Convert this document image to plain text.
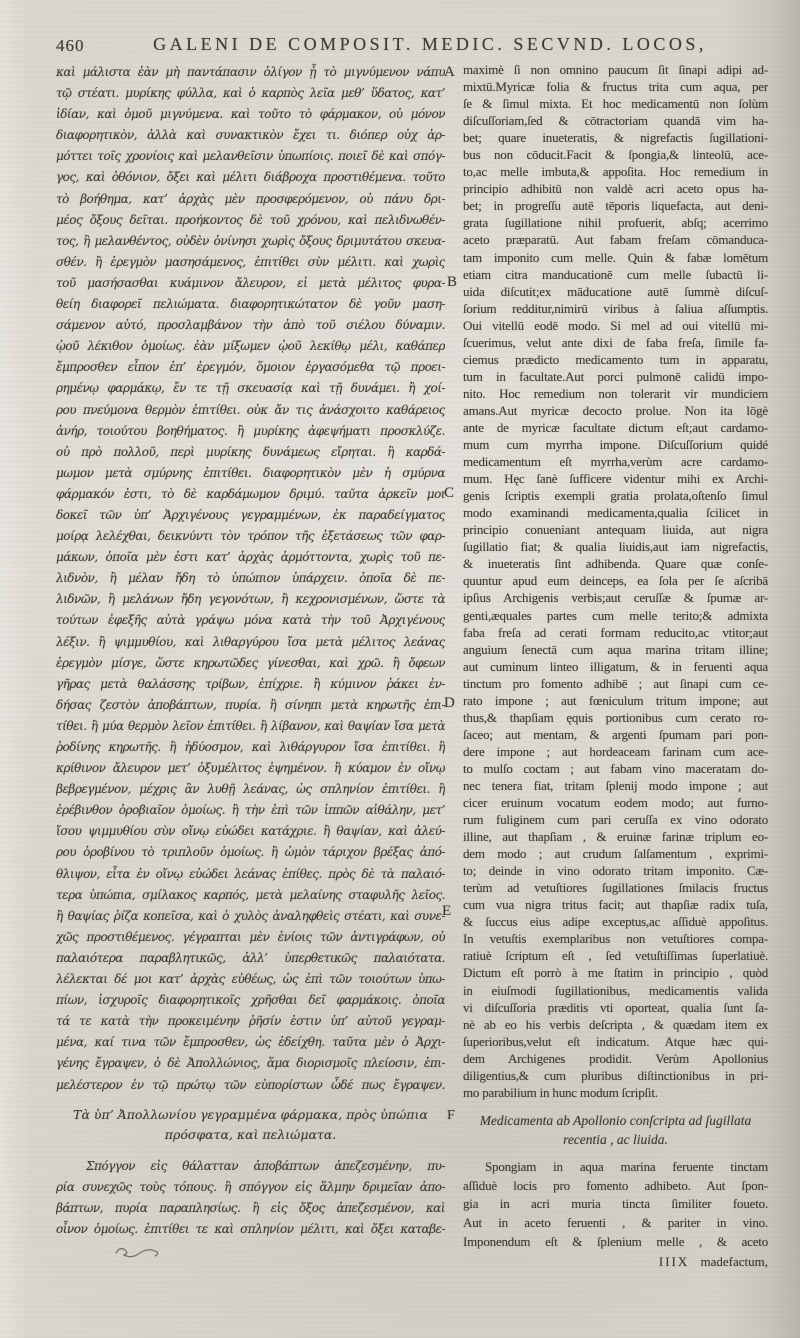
460	GALENI DE COMPOSIT. MEDIC. SECVND. LOCOS,
A
B
C
D
E
F
καὶ μάλιστα ἐὰν μὴ παντάπασιν ὀλίγον ᾖ τὸ μιγνύμενον νάπυ
τῷ στέατι. μυρίκης φύλλα, καὶ ὁ καρπὸς λεῖα μεθ’ ὕδατος, κατ’
ἰδίαν, καὶ ὁμοῦ μιγνύμενα. καὶ τοῦτο τὸ φάρμακον, οὐ μόνον
διαφορητικὸν, ἀλλὰ καὶ συνακτικὸν ἔχει τι. διόπερ οὐχ ἁρ-
μόττει τοῖς χρονίοις καὶ μελανθεῖσιν ὑπωπίοις. ποιεῖ δὲ καὶ σπόγ-
γος, καὶ ὀθόνιον, ὄξει καὶ μέλιτι διάβροχα προστιθέμενα. τοῦτο
τὸ βοήθημα, κατ’ ἀρχὰς μὲν προσφερόμενον, οὐ πάνυ δρι-
μέος ὄξους δεῖται. προήκοντος δὲ τοῦ χρόνου, καὶ πελιδνωθέν-
τος, ἢ μελανθέντος, οὐδὲν ὀνίνησι χωρὶς ὄξους δριμυτάτου σκευα-
σθέν. ἢ ἐρεγμὸν μασησάμενος, ἐπιτίθει σὺν μέλιτι. καὶ χωρὶς
τοῦ μασήσασθαι κυάμινον ἄλευρον, εἰ μετὰ μέλιτος φυρα-
θείη διαφορεῖ πελιώματα. διαφορητικώτατον δὲ γοῦν μαση-
σάμενον αὐτό, προσλαμβάνον τὴν ἀπὸ τοῦ σιέλου δύναμιν.
ᾠοῦ λέκιθον ὁμοίως. ἐὰν μίξωμεν ᾠοῦ λεκίθῳ μέλι, καθάπερ
ἔμπροσθεν εἶπον ἐπ’ ἐρεγμόν, ὅμοιον ἐργασόμεθα τῷ προει-
ρημένῳ φαρμάκῳ, ἔν τε τῇ σκευασίᾳ καὶ τῇ δυνάμει. ἢ χοί-
ρου πνεύμονα θερμὸν ἐπιτίθει. οὐκ ἄν τις ἀνάσχοιτο καθάρειος
ἀνήρ, τοιούτου βοηθήματος. ἢ μυρίκης ἀφεψήματι προσκλύζε.
οὐ πρὸ πολλοῦ, περὶ μυρίκης δυνάμεως εἴρηται. ἢ καρδά-
μωμον μετὰ σμύρνης ἐπιτίθει. διαφορητικὸν μὲν ἡ σμύρνα
φάρμακόν ἐστι, τὸ δὲ καρδάμωμον δριμύ. ταῦτα ἀρκεῖν μοι
δοκεῖ τῶν ὑπ’ Ἀρχιγένους γεγραμμένων, ἐκ παραδείγματος
μοίρᾳ λελέχθαι, δεικνύντι τὸν τρόπον τῆς ἐξετάσεως τῶν φαρ-
μάκων, ὁποῖα μὲν ἐστι κατ’ ἀρχὰς ἁρμόττοντα, χωρὶς τοῦ πε-
λιδνὸν, ἢ μέλαν ἤδη τὸ ὑπώπιον ὑπάρχειν. ὁποῖα δὲ πε-
λιδνῶν, ἢ μελάνων ἤδη γεγονότων, ἢ κεχρονισμένων, ὥστε τὰ
τούτων ἐφεξῆς αὐτὰ γράψω μόνα κατὰ τὴν τοῦ Ἀρχιγένους
λέξιν. ἢ ψιμμυθίου, καὶ λιθαργύρου ἴσα μετὰ μέλιτος λεάνας
ἐρεγμὸν μίσγε, ὥστε κηρωτῶδες γίνεσθαι, καὶ χρῶ. ἢ ὄφεων
γῆρας μετὰ θαλάσσης τρίβων, ἐπίχριε. ἢ κύμινον ῥάκει ἐν-
δήσας ζεστὸν ἀποβάπτων, πυρία. ἢ σίνηπι μετὰ κηρωτῆς ἐπι-
τίθει. ἢ μύα θερμὸν λεῖον ἐπιτίθει. ἢ λίβανον, καὶ θαψίαν ἴσα μετὰ
ῥοδίνης κηρωτῆς. ἢ ἡδύοσμον, καὶ λιθάργυρον ἴσα ἐπιτίθει. ἢ
κρίθινον ἄλευρον μετ’ ὀξυμέλιτος ἑψημένον. ἢ κύαμον ἐν οἴνῳ
βεβρεγμένον, μέχρις ἂν λυθῇ λεάνας, ὡς σπληνίον ἐπιτίθει. ἢ
ἐρέβινθον ὀροβιαῖον ὁμοίως. ἢ τὴν ἐπὶ τῶν ἱππῶν αἰθάλην, μετ’
ἴσου ψιμμυθίου σὺν οἴνῳ εὐώδει κατάχριε. ἢ θαψίαν, καὶ ἀλεύ-
ρου ὀροβίνου τὸ τριπλοῦν ὁμοίως. ἢ ὠμὸν τάριχον βρέξας ἀπό-
θλιψον, εἶτα ἐν οἴνῳ εὐώδει λεάνας ἐπίθες. πρὸς δὲ τὰ παλαιό-
τερα ὑπώπια, σμίλακος καρπός, μετὰ μελαίνης σταφυλῆς λεῖος.
ἢ θαψίας ῥίζα κοπεῖσα, καὶ ὁ χυλὸς ἀναληφθεὶς στέατι, καὶ συνε-
χῶς προστιθέμενος. γέγραπται μὲν ἐνίοις τῶν ἀντιγράφων, οὐ
παλαιότερα παραβλητικῶς, ἀλλ’ ὑπερθετικῶς παλαιότατα.
λέλεκται δέ μοι κατ’ ἀρχὰς εὐθέως, ὡς ἐπὶ τῶν τοιούτων ὑπω-
πίων, ἰσχυροῖς διαφορητικοῖς χρῆσθαι δεῖ φαρμάκοις. ὁποῖα
τά τε κατὰ τὴν προκειμένην ῥῆσίν ἐστιν ὑπ’ αὐτοῦ γεγραμ-
μένα, καί τινα τῶν ἔμπροσθεν, ὡς ἐδείχθη. ταῦτα μὲν ὁ Ἀρχι-
γένης ἔγραψεν, ὁ δὲ Ἀπολλώνιος, ἅμα διορισμοῖς πλείοσιν, ἐπι-
μελέστερον ἐν τῷ πρώτῳ τῶν εὐπορίστων ὧδέ πως ἔγραψεν.
Τὰ ὑπ’ Ἀπολλωνίου γεγραμμένα φάρμακα, πρὸς ὑπώπια
πρόσφατα, καὶ πελιώματα.
Σπόγγον εἰς θάλατταν ἀποβάπτων ἀπεζεσμένην, πυ-
ρία συνεχῶς τοὺς τόπους. ἢ σπόγγον εἰς ἅλμην δριμεῖαν ἀπο-
βάπτων, πυρία παραπλησίως. ἢ εἰς ὄξος ἀπεζεσμένον, καὶ
οἶνον ὁμοίως. ἐπιτίθει τε καὶ σπληνίον μέλιτι, καὶ ὄξει καταβε-
maximè ſi non omnino paucum ſit ſinapi adipi ad-
mixtū.Myricæ folia & fructus trita cum aqua, per
ſe & ſimul mixta. Et hoc medicamentū non ſolùm
diſcuſſoriam,ſed & cōtractoriam quandā vim ha-
bet; quare inueteratis, & nigrefactis ſugillationi-
bus non cōducit.Facit & ſpongia,& linteolū, ace-
to,ac melle imbuta,& appoſita. Hoc remedium in
principio adhibitū non valdè acri aceto opus ha-
bet; in progreſſu autē tēporis liquefacta, aut deni-
grata ſugillatione nihil profuerit, abſq; acerrimo
aceto præparatū. Aut fabam freſam cōmanduca-
tam imponito cum melle. Quin & fabæ lomētum
etiam citra manducationē cum melle ſubactū li-
uida diſcutit;ex māducatione autē ſummè diſcuſ-
ſorium redditur,nimirū viribus à ſaliua aſſumptis.
Oui vitellū eodē modo. Si mel ad oui vitellū mi-
ſcuerimus, velut ante dixi de faba freſa, ſimile fa-
ciemus prædicto medicamento tum in apparatu,
tum in facultate.Aut porci pulmonē calidū impo-
nito. Hoc remedium non tolerarit vir mundiciem
amans.Aut myricæ decocto prolue. Non ita lōgè
ante de myricæ facultate dictum eſt;aut cardamo-
mum cum myrrha impone. Diſcuſſorium quidé
medicamentum eſt myrrha,verùm acre cardamo-
mum. Hęc ſanè ſufficere videntur mihi ex Archi-
genis ſcriptis exempli gratia prolata,oſtenſo ſimul
modo examinandi medicamenta,qualia ſcilicet in
principio conueniant antequam liuida, aut nigra
ſugillatio fiat; & qualia liuidis,aut iam nigrefactis,
& inueteratis ſint adhibenda. Quare quæ conſe-
quuntur apud eum deinceps, ea ſola per ſe aſcribā
ipſius Archigenis verbis;aut ceruſſæ & ſpumæ ar-
genti,æquales partes cum melle terito;& admixta
faba freſa ad cerati formam reducito,ac vtitor;aut
anguium ſenectā cum aqua marina tritam illine;
aut cuminum linteo illigatum, & in feruenti aqua
tinctum pro fomento adhibē ; aut ſinapi cum ce-
rato impone ; aut fœniculum tritum impone; aut
thus,& thapſiam ęquis portionibus cum cerato ro-
ſaceo; aut mentam, & argenti ſpumam pari pon-
dere impone ; aut hordeaceam farinam cum ace-
to mulſo coctam ; aut fabam vino maceratam do-
nec tenera fiat, tritam ſplenij modo impone ; aut
cicer eruinum vocatum eodem modo; aut furno-
rum fuliginem cum pari ceruſſa ex vino odorato
illine, aut thapſiam , & eruinæ farinæ triplum eo-
dem modo ; aut crudum ſalſamentum , exprimi-
to; deinde in vino odorato tritam imponito. Cæ-
terùm ad vetuſtiores ſugillationes ſmilacis fructus
cum vua nigra tritus facit; aut thapſiæ radix tuſa,
& ſuccus eius adipe exceptus,ac aſſiduè appoſitus.
In vetuſtis exemplaribus non vetuſtiores compa-
ratiuè ſcriptum eſt , ſed vetuſtiſſimas ſuperlatiuè.
Dictum eſt porrò à me ſtatim in principio , quòd
in eiuſmodi ſugillationibus, medicamentis valida
vi diſcuſſoria præditis vti oporteat, qualia ſunt ſa-
nè ab eo his verbis deſcripta , & quædam item ex
ſuperioribus,velut eſt indicatum. Atque hæc qui-
dem Archigenes prodidit. Verùm Apollonius
diligentius,& cum pluribus diſtinctionibus in pri-
mo parabilium in hunc modum ſcripſit.
Medicamenta ab Apollonio conſcripta ad ſugillata
recentia , ac liuida.
Spongiam in aqua marina feruente tinctam
aſſiduè locis pro fomento adhibeto. Aut ſpon-
gia in acri muria tincta ſimiliter foueto.
Aut in aceto feruenti , & pariter in vino.
Imponendum eſt & ſplenium melle , & aceto
IIIX madefactum,
